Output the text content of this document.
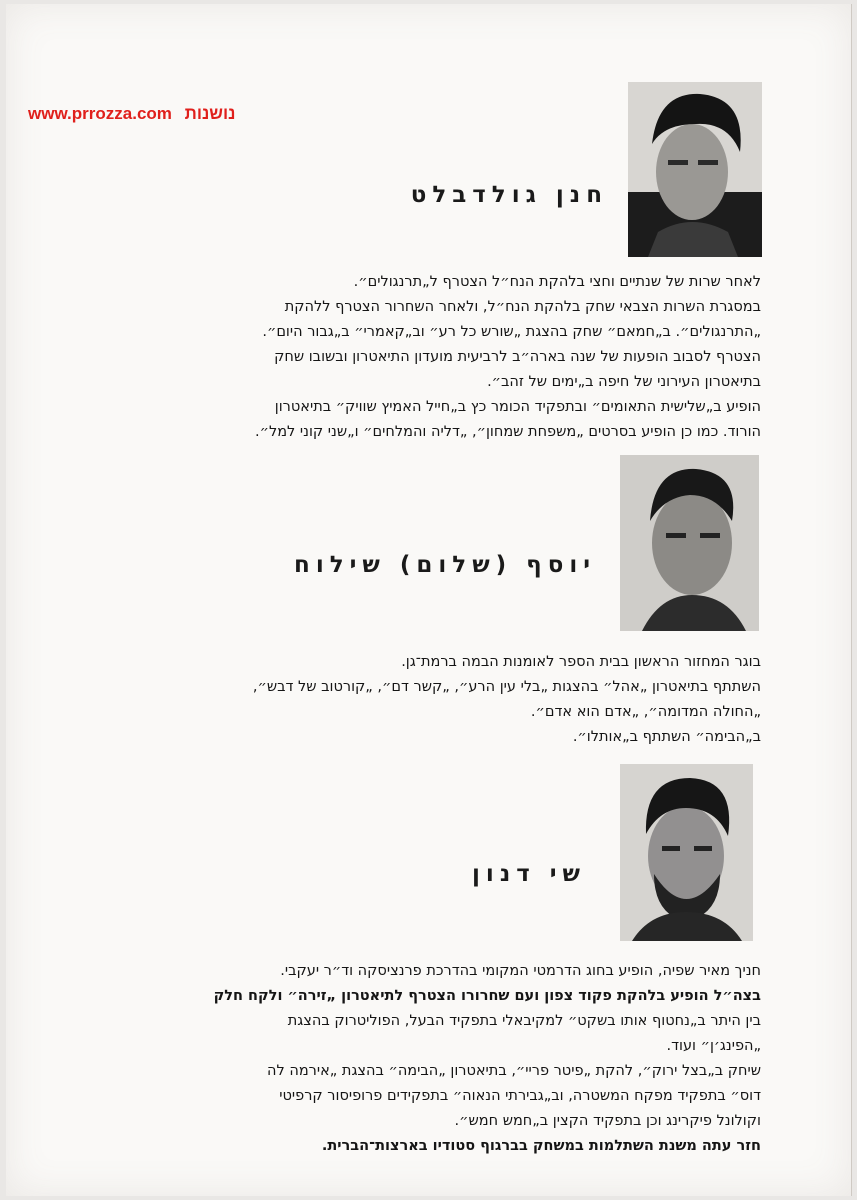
www.prrozza.com נושנות
חנן גולדבלט
לאחר שרות של שנתיים וחצי בלהקת הנח״ל הצטרף ל„תרנגולים״.
במסגרת השרות הצבאי שחק בלהקת הנח״ל, ולאחר השחרור הצטרף ללהקת
„התרנגולים״. ב„חמאם״ שחק בהצגת „שורש כל רע״ וב„קאמרי״ ב„גבור היום״.
הצטרף לסבוב הופעות של שנה בארה״ב לרביעית מועדון התיאטרון ובשובו שחק
בתיאטרון העירוני של חיפה ב„ימים של זהב״.
הופיע ב„שלישית התאומים״ ובתפקיד הכומר כץ ב„חייל האמיץ שוויק״ בתיאטרון
הורוד. כמו כן הופיע בסרטים „משפחת שמחון״, „דליה והמלחים״ ו„שני קוני למל״.
יוסף (שלום) שילוח
בוגר המחזור הראשון בבית הספר לאומנות הבמה ברמת־גן.
השתתף בתיאטרון „אהל״ בהצגות „בלי עין הרע״, „קשר דם״, „קורטוב של דבש״,
„החולה המדומה״, „אדם הוא אדם״.
ב„הבימה״ השתתף ב„אותלו״.
שי דנון
חניך מאיר שפיה, הופיע בחוג הדרמטי המקומי בהדרכת פרנציסקה וד״ר יעקבי.
בצה״ל הופיע בלהקת פקוד צפון ועם שחרורו הצטרף לתיאטרון „זירה״ ולקח חלק
בין היתר ב„נחטוף אותו בשקט״ למקיבאלי בתפקיד הבעל, הפוליטרוק בהצגת
„הפינג׳ן״ ועוד.
שיחק ב„בצל ירוק״, להקת „פיטר פריי״, בתיאטרון „הבימה״ בהצגת „אירמה לה
דוס״ בתפקיד מפקח המשטרה, וב„גבירתי הנאוה״ בתפקידים פרופיסור קרפיטי
וקולונל פיקרינג וכן בתפקיד הקצין ב„חמש חמש״.
חזר עתה משנת השתלמות במשחק בברגוף סטודיו בארצות־הברית.
